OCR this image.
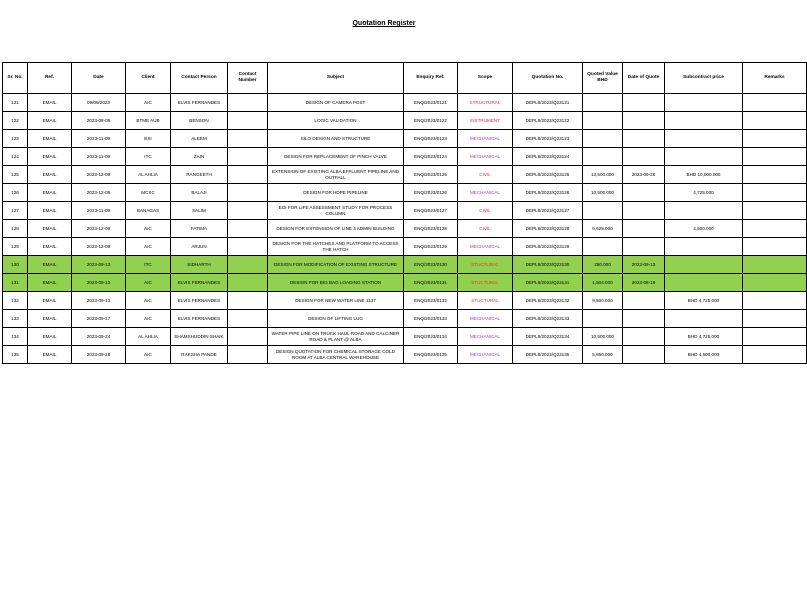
Quotation Register
Sr. No.	Ref.	Date	Client	Contact Person	Contact Number	Subject	Enquiry Ref.	Scope	Quotation No.	Quoted Value BHD	Date of Quote	Subcontract price	Remarks
121	EMAIL	09/09/2023	AIC	ELVIS FERNANDES		DESIGN OF CAMERA POST	ENQ/2023/0121	STRUCTURAL	DEPL8/2023/Q23121				
122	EMAIL	2023-08-09	BTME AUB	BENSON		LOGIC VALIDATION	ENQ/2023/0122	INSTRUMENT	DEPL8/2023/Q23122				
123	EMAIL	2023-11-09	EXI	ALEEM		SILO DESIGN AND STRUCTURE	ENQ/2023/0123	MECHANICAL	DEPL8/2023/Q23123				
124	EMAIL	2023-11-09	ITC	ZAIN		DESIGN FOR REPLACEMENT OF PINCH VALVE	ENQ/2023/0124	MECHANICAL	DEPL8/2023/Q23124				
125	EMAIL	2023-12-09	AL AHLIA	RANGEETH		EXTENSION OF EXISTING ALBA EFFLUENT PIPELINE AND OUTFALL	ENQ/2023/0125	CIVIL	DEPL8/2023/Q23125	13,500.000	2023-09-26	BHD 10,000.000	
126	EMAIL	2023-12-09	MCSC	BALAJI		DESIGN FOR HDPE PIPELINE	ENQ/2023/0126	MECHANICAL	DEPL8/2023/Q23126	10,500.000		4,725.000	
127	EMAIL	2023-11-09	BANAGAS	SALIM		EOI FOR LIFE ASSESSMENT STUDY FOR PROCESS COLUMN	ENQ/2023/0127	CIVIL	DEPL8/2023/Q23127				
128	EMAIL	2023-12-09	AIC	FATIMA		DESIGN FOR EXTENSION OF LINE 4 ADMIN BUILDING	ENQ/2023/0128	CIVIL	DEPL8/2023/Q23128	5,625.000		4,500.000	
129	EMAIL	2023-12-09	AIC	ARJUN		DESIGN FOR THE HATCHES AND PLATFORM TO ACCESS THE HATCH	ENQ/2023/0129	MECHANICAL	DEPL8/2023/Q23129				
130	EMAIL	2023-09-13	ITC	SIDHARTH		DESIGN FOR MODIFICATION OF EXISTING STRUCTURE	ENQ/2023/0130	STUCTURAL	DEPL8/2023/Q23130	250.000	2023-09-13		
131	EMAIL	2023-09-13	AIC	ELVIS FERNANDES		DESIGN FOR BIG BAG LOADING STATION	ENQ/2023/0131	STUCTURAL	DEPL8/2023/Q23131	1,504.000	2023-08-19		
132	EMAIL	2023-09-13	AIC	ELVIS FERNANDES		DESIGN FOR NEW WATER LINE 1137	ENQ/2023/0132	STUCTURAL	DEPL8/2023/Q23132	9,500.000		BHD 4,725.000	
133	EMAIL	2023-09-17	AIC	ELVIS FERNANDES		DESIGN OF LIFTING LUG	ENQ/2023/0133	MECHANICAL	DEPL8/2023/Q23133				
134	EMAIL	2023-09-24	AL AHLIA	SHAMSHUDDIN SHAIK		WATER PIPE LINE ON TRUCK HAUL ROAD AND CALCINER ROAD & PLANT @ ALBA	ENQ/2023/0134	MECHANICAL	DEPL8/2023/Q23134	10,500.000		BHD 4,725.000	
135	EMAIL	2023-09-28	AIC	RAKSHA PANDE		DESIGN QUOTATION FOR CHEMICAL STORAGE COLD ROOM AT ALBA CENTRAL WAREHOUSE	ENQ/2023/0135	MECHANICAL	DEPL8/2023/Q23135	5,850.000		BHD 4,500.000	
